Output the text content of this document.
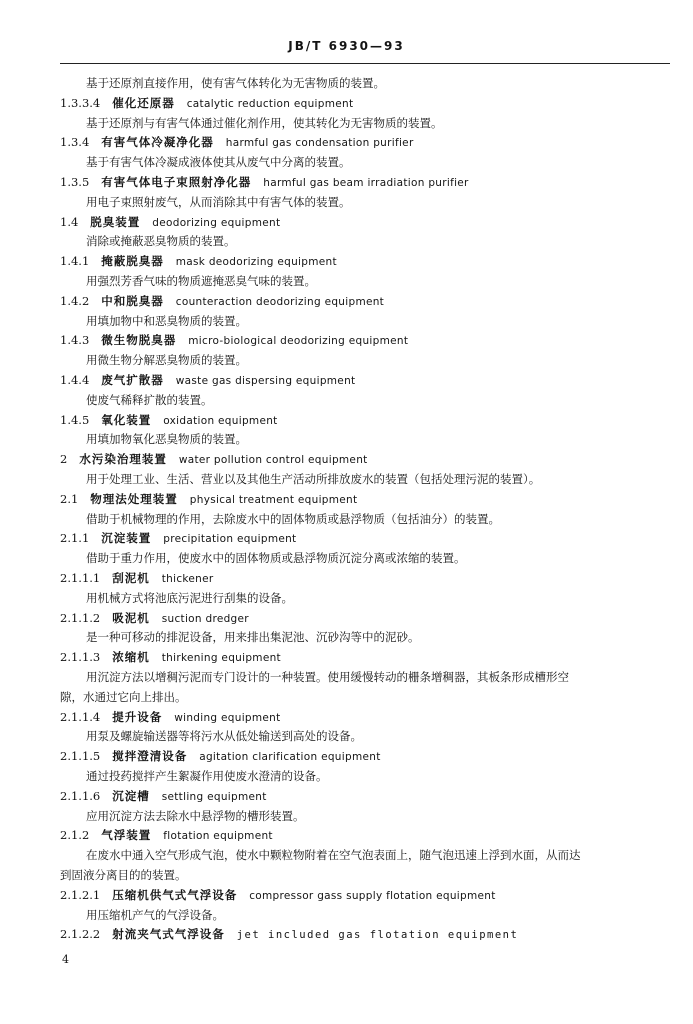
JB/T 6930—93
基于还原剂直接作用，使有害气体转化为无害物质的装置。
1.3.3.4 催化还原器 catalytic reduction equipment
基于还原剂与有害气体通过催化剂作用，使其转化为无害物质的装置。
1.3.4 有害气体冷凝净化器 harmful gas condensation purifier
基于有害气体冷凝成液体使其从废气中分离的装置。
1.3.5 有害气体电子束照射净化器 harmful gas beam irradiation purifier
用电子束照射废气，从而消除其中有害气体的装置。
1.4 脱臭装置 deodorizing equipment
消除或掩蔽恶臭物质的装置。
1.4.1 掩蔽脱臭器 mask deodorizing equipment
用强烈芳香气味的物质遮掩恶臭气味的装置。
1.4.2 中和脱臭器 counteraction deodorizing equipment
用填加物中和恶臭物质的装置。
1.4.3 微生物脱臭器 micro-biological deodorizing equipment
用微生物分解恶臭物质的装置。
1.4.4 废气扩散器 waste gas dispersing equipment
使废气稀释扩散的装置。
1.4.5 氧化装置 oxidation equipment
用填加物氧化恶臭物质的装置。
2 水污染治理装置 water pollution control equipment
用于处理工业、生活、营业以及其他生产活动所排放废水的装置（包括处理污泥的装置）。
2.1 物理法处理装置 physical treatment equipment
借助于机械物理的作用，去除废水中的固体物质或悬浮物质（包括油分）的装置。
2.1.1 沉淀装置 precipitation equipment
借助于重力作用，使废水中的固体物质或悬浮物质沉淀分离或浓缩的装置。
2.1.1.1 刮泥机 thickener
用机械方式将池底污泥进行刮集的设备。
2.1.1.2 吸泥机 suction dredger
是一种可移动的排泥设备，用来排出集泥池、沉砂沟等中的泥砂。
2.1.1.3 浓缩机 thirkening equipment
用沉淀方法以增稠污泥而专门设计的一种装置。使用缓慢转动的栅条增稠器，其板条形成槽形空
隙，水通过它向上排出。
2.1.1.4 提升设备 winding equipment
用泵及螺旋输送器等将污水从低处输送到高处的设备。
2.1.1.5 搅拌澄清设备 agitation clarification equipment
通过投药搅拌产生絮凝作用使废水澄清的设备。
2.1.1.6 沉淀槽 settling equipment
应用沉淀方法去除水中悬浮物的槽形装置。
2.1.2 气浮装置 flotation equipment
在废水中通入空气形成气泡，使水中颗粒物附着在空气泡表面上，随气泡迅速上浮到水面，从而达
到固液分离目的的装置。
2.1.2.1 压缩机供气式气浮设备 compressor gass supply flotation equipment
用压缩机产气的气浮设备。
2.1.2.2 射流夹气式气浮设备 jet included gas flotation equipment
4
